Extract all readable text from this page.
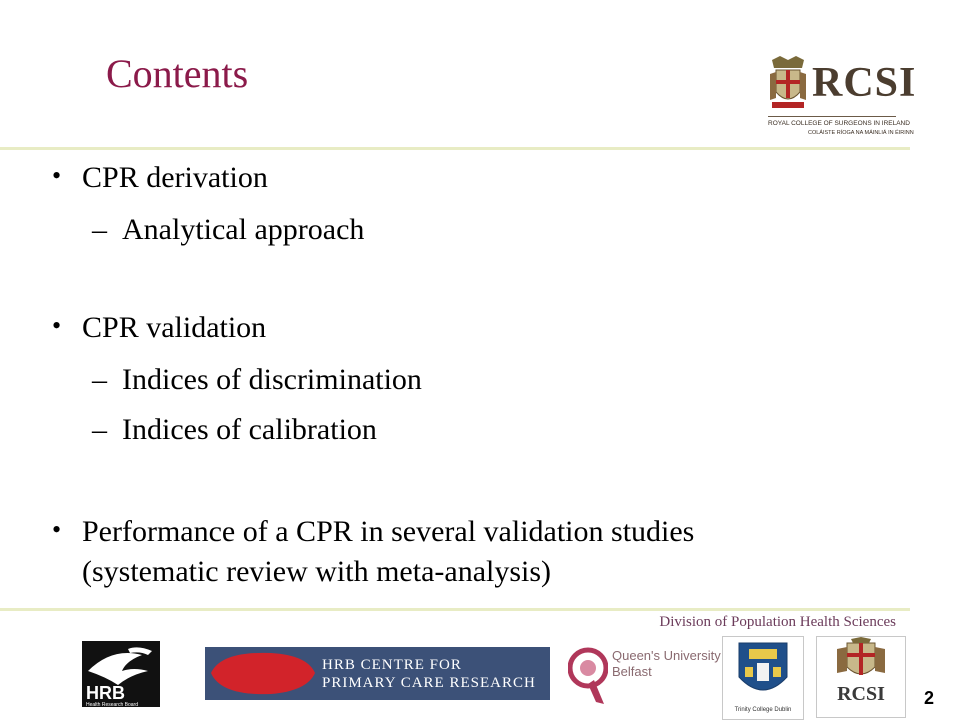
Contents	RCSI
ROYAL COLLEGE OF SURGEONS IN IRELAND
COLÁISTE RÍOGA NA MÁINLIÁ IN ÉIRINN
• CPR derivation
– Analytical approach
• CPR validation
– Indices of discrimination
– Indices of calibration
• Performance of a CPR in several validation studies
(systematic review with meta-analysis)
Division of Population Health Sciences
HRB
Health Research Board
HRB CENTRE FOR
PRIMARY CARE RESEARCH
Queen's University
Belfast
Trinity College Dublin
RCSI	2
